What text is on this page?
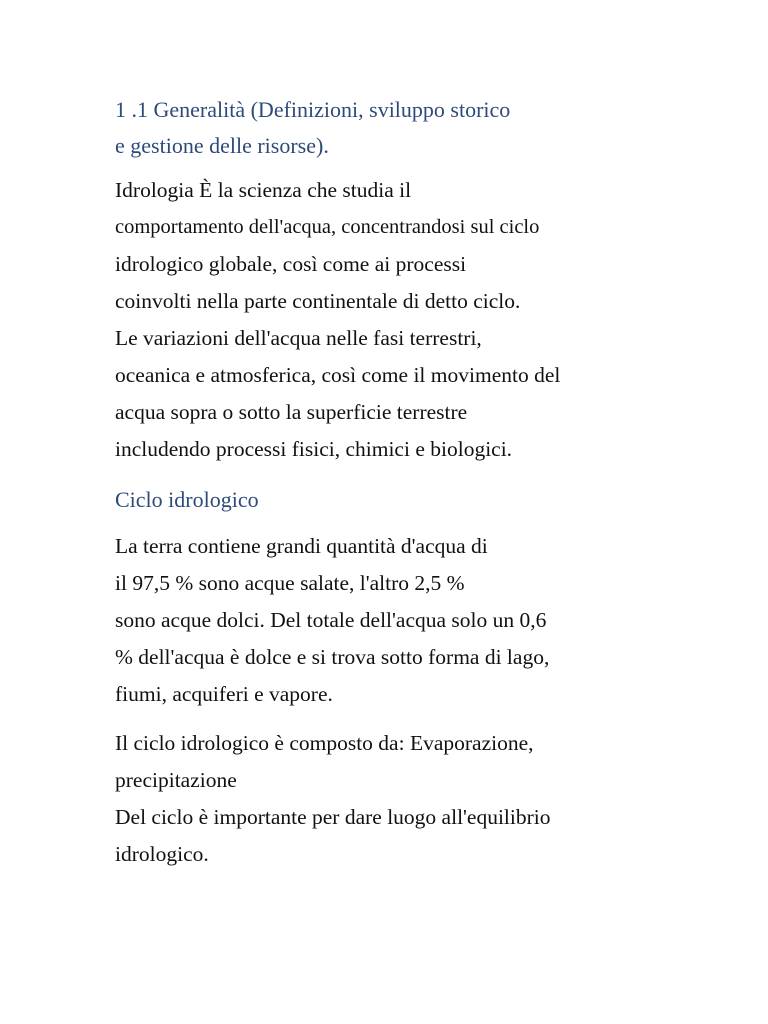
1 .1 Generalità (Definizioni, sviluppo storico
e gestione delle risorse).
Idrologia È la scienza che studia il
comportamento dell'acqua, concentrandosi sul ciclo
idrologico globale, così come ai processi
coinvolti nella parte continentale di detto ciclo.
Le variazioni dell'acqua nelle fasi terrestri,
oceanica e atmosferica, così come il movimento del
acqua sopra o sotto la superficie terrestre
includendo processi fisici, chimici e biologici.
Ciclo idrologico
La terra contiene grandi quantità d'acqua di
il 97,5 % sono acque salate, l'altro 2,5 %
sono acque dolci. Del totale dell'acqua solo un 0,6
% dell'acqua è dolce e si trova sotto forma di lago,
fiumi, acquiferi e vapore.
Il ciclo idrologico è composto da: Evaporazione,
precipitazione
Del ciclo è importante per dare luogo all'equilibrio
idrologico.
